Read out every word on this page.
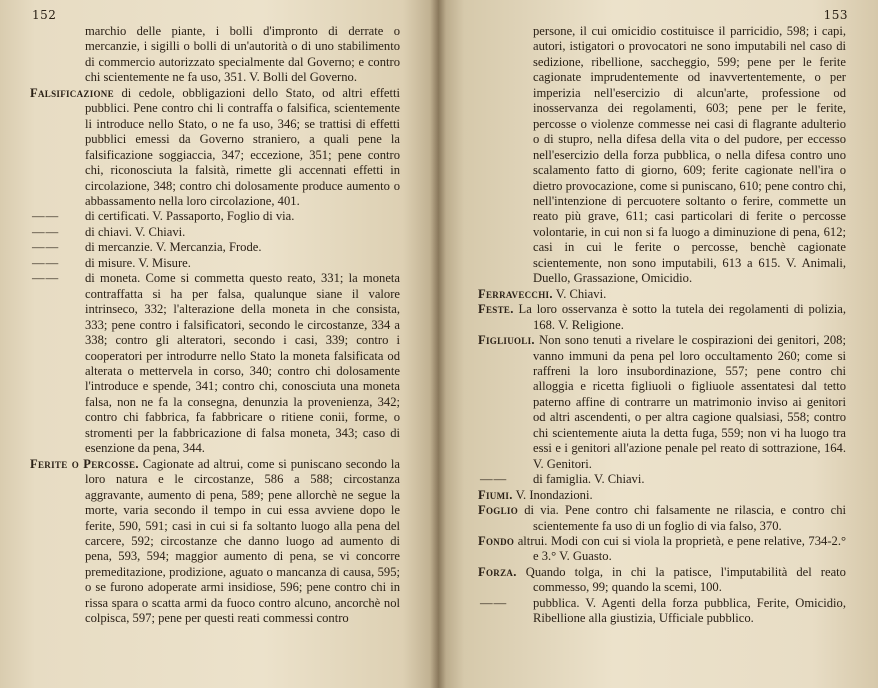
152
marchio delle piante, i bolli d'impronto di derrate o mercanzie, i sigilli o bolli di un'autorità o di uno stabilimento di commercio autorizzato specialmente dal Governo; e contro chi scientemente ne fa uso, 351. V. Bolli del Governo.
Falsificazione di cedole, obbligazioni dello Stato, od altri effetti pubblici. Pene contro chi li contraffa o falsifica, scientemente li introduce nello Stato, o ne fa uso, 346; se trattisi di effetti pubblici emessi da Governo straniero, a quali pene la falsificazione soggiaccia, 347; eccezione, 351; pene contro chi, riconosciuta la falsità, rimette gli accennati effetti in circolazione, 348; contro chi dolosamente produce aumento o abbassamento nella loro circolazione, 401.
——	di certificati. V. Passaporto, Foglio di via.
——	di chiavi. V. Chiavi.
——	di mercanzie. V. Mercanzia, Frode.
——	di misure. V. Misure.
——	di moneta. Come si commetta questo reato, 331; la moneta contraffatta si ha per falsa, qualunque siane il valore intrinseco, 332; l'alterazione della moneta in che consista, 333; pene contro i falsificatori, secondo le circostanze, 334 a 338; contro gli alteratori, secondo i casi, 339; contro i cooperatori per introdurre nello Stato la moneta falsificata od alterata o mettervela in corso, 340; contro chi dolosamente l'introduce e spende, 341; contro chi, conosciuta una moneta falsa, non ne fa la consegna, denunzia la provenienza, 342; contro chi fabbrica, fa fabbricare o ritiene conii, forme, o stromenti per la fabbricazione di falsa moneta, 343; caso di esenzione da pena, 344.
Ferite o Percosse. Cagionate ad altrui, come si puniscano secondo la loro natura e le circostanze, 586 a 588; circostanza aggravante, aumento di pena, 589; pene allorchè ne segue la morte, varia secondo il tempo in cui essa avviene dopo le ferite, 590, 591; casi in cui si fa soltanto luogo alla pena del carcere, 592; circostanze che danno luogo ad aumento di pena, 593, 594; maggior aumento di pena, se vi concorre premeditazione, prodizione, aguato o mancanza di causa, 595; o se furono adoperate armi insidiose, 596; pene contro chi in rissa spara o scatta armi da fuoco contro alcuno, ancorchè nol colpisca, 597; pene per questi reati commessi contro
153
persone, il cui omicidio costituisce il parricidio, 598; i capi, autori, istigatori o provocatori ne sono imputabili nel caso di sedizione, ribellione, saccheggio, 599; pene per le ferite cagionate imprudentemente od inavvertentemente, o per imperizia nell'esercizio di alcun'arte, professione od inosservanza dei regolamenti, 603; pene per le ferite, percosse o violenze commesse nei casi di flagrante adulterio o di stupro, nella difesa della vita o del pudore, per eccesso nell'esercizio della forza pubblica, o nella difesa contro uno scalamento fatto di giorno, 609; ferite cagionate nell'ira o dietro provocazione, come si puniscano, 610; pene contro chi, nell'intenzione di percuotere soltanto o ferire, commette un reato più grave, 611; casi particolari di ferite o percosse volontarie, in cui non si fa luogo a diminuzione di pena, 612; casi in cui le ferite o percosse, benchè cagionate scientemente, non sono imputabili, 613 a 615. V. Animali, Duello, Grassazione, Omicidio.
Ferravecchi. V. Chiavi.
Feste. La loro osservanza è sotto la tutela dei regolamenti di polizia, 168. V. Religione.
Figliuoli. Non sono tenuti a rivelare le cospirazioni dei genitori, 208; vanno immuni da pena pel loro occultamento 260; come si raffreni la loro insubordinazione, 557; pene contro chi alloggia e ricetta figliuoli o figliuole assentatesi dal tetto paterno affine di contrarre un matrimonio inviso ai genitori od altri ascendenti, o per altra cagione qualsiasi, 558; contro chi scientemente aiuta la detta fuga, 559; non vi ha luogo tra essi e i genitori all'azione penale pel reato di sottrazione, 164. V. Genitori.
——	di famiglia. V. Chiavi.
Fiumi. V. Inondazioni.
Foglio di via. Pene contro chi falsamente ne rilascia, e contro chi scientemente fa uso di un foglio di via falso, 370.
Fondo altrui. Modi con cui si viola la proprietà, e pene relative, 734-2.° e 3.° V. Guasto.
Forza. Quando tolga, in chi la patisce, l'imputabilità del reato commesso, 99; quando la scemi, 100.
——	pubblica. V. Agenti della forza pubblica, Ferite, Omicidio, Ribellione alla giustizia, Ufficiale pubblico.
